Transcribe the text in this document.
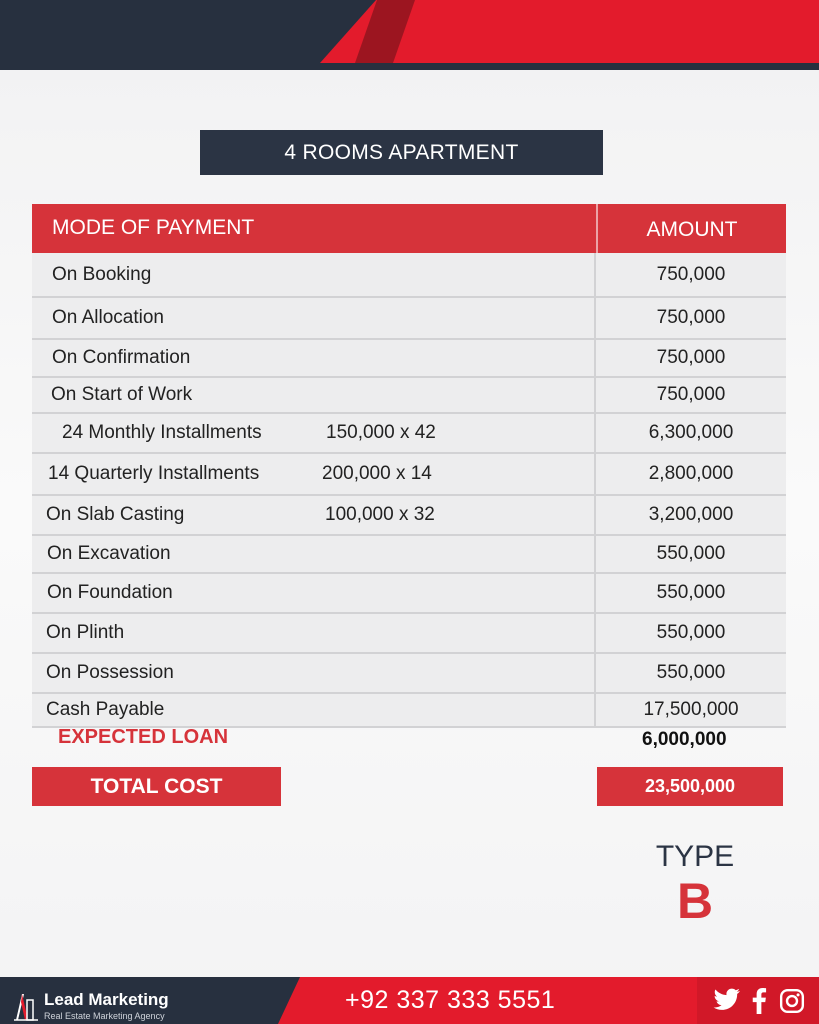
4 ROOMS APARTMENT
MODE OF PAYMENT	AMOUNT
On Booking	750,000
On Allocation	750,000
On Confirmation	750,000
On Start of Work	750,000
24 Monthly Installments	150,000 x 42	6,300,000
14 Quarterly Installments	200,000 x 14	2,800,000
On Slab Casting	100,000 x 32	3,200,000
On Excavation	550,000
On Foundation	550,000
On Plinth	550,000
On Possession	550,000
Cash Payable	17,500,000
EXPECTED LOAN	6,000,000
TOTAL COST	23,500,000
TYPE
B
Lead Marketing
Real Estate Marketing Agency
+92 337 333 5551
